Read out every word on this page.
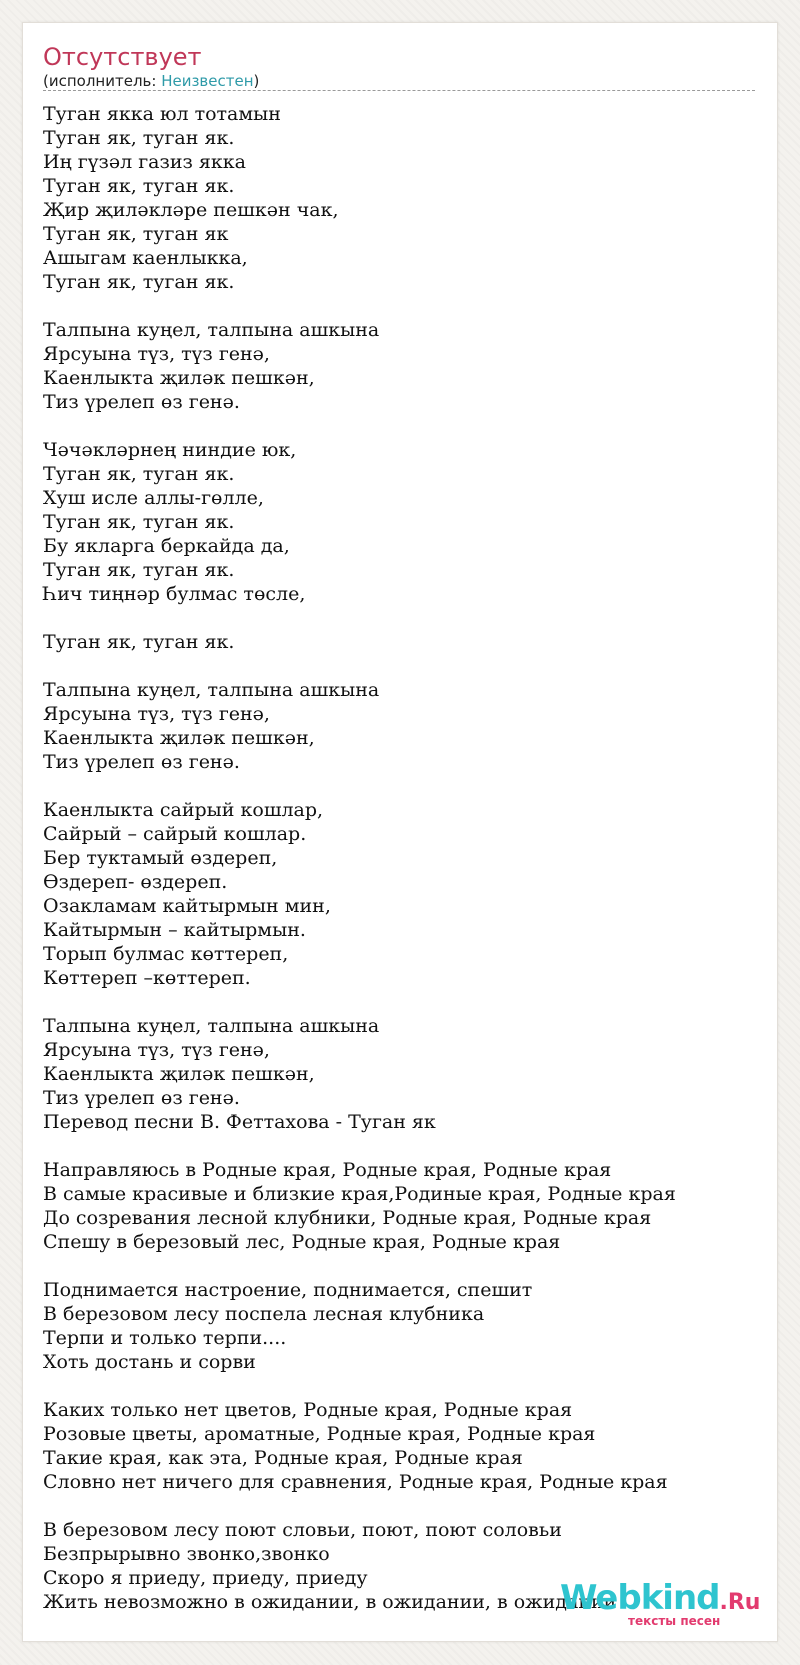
Отсутствует
(исполнитель: Неизвестен)
Туган якка юл тотамын
Туган як, туган як.
Иң гүзәл газиз якка
Туган як, туган як.
Җир җиләкләре пешкән чак,
Туган як, туган як
Ашыгам каенлыкка,
Туган як, туган як.

Талпына куңел, талпына ашкына
Ярсуына түз, түз генә,
Каенлыкта җиләк пешкән,
Тиз үрелеп өз генә.

Чәчәкләрнең ниндие юк,
Туган як, туган як.
Хуш исле аллы-гөлле,
Туган як, туган як.
Бу якларга беркайда да,
Туган як, туган як.
Һич тиңнәр булмас төсле,

Туган як, туган як.

Талпына куңел, талпына ашкына
Ярсуына түз, түз генә,
Каенлыкта җиләк пешкән,
Тиз үрелеп өз генә.

Каенлыкта сайрый кошлар,
Сайрый – сайрый кошлар.
Бер туктамый өздереп,
Өздереп- өздереп.
Озакламам кайтырмын мин,
Кайтырмын – кайтырмын.
Торып булмас көттереп,
Көттереп –көттереп.

Талпына куңел, талпына ашкына
Ярсуына түз, түз генә,
Каенлыкта җиләк пешкән,
Тиз үрелеп өз генә.
Перевод песни В. Феттахова - Туган як

Направляюсь в Родные края, Родные края, Родные края
В самые красивые и близкие края,Родиные края, Родные края
До созревания лесной клубники, Родные края, Родные края
Спешу в березовый лес, Родные края, Родные края

Поднимается настроение, поднимается, спешит
В березовом лесу поспела лесная клубника
Терпи и только терпи....
Хоть достань и сорви

Каких только нет цветов, Родные края, Родные края
Розовые цветы, ароматные, Родные края, Родные края
Такие края, как эта, Родные края, Родные края
Словно нет ничего для сравнения, Родные края, Родные края

В березовом лесу поют словьи, поют, поют соловьи
Безпрырывно звонко,звонко
Скоро я приеду, приеду, приеду
Жить невозможно в ожидании, в ожидании, в ожидании
Webkind.Ru
тексты песен
